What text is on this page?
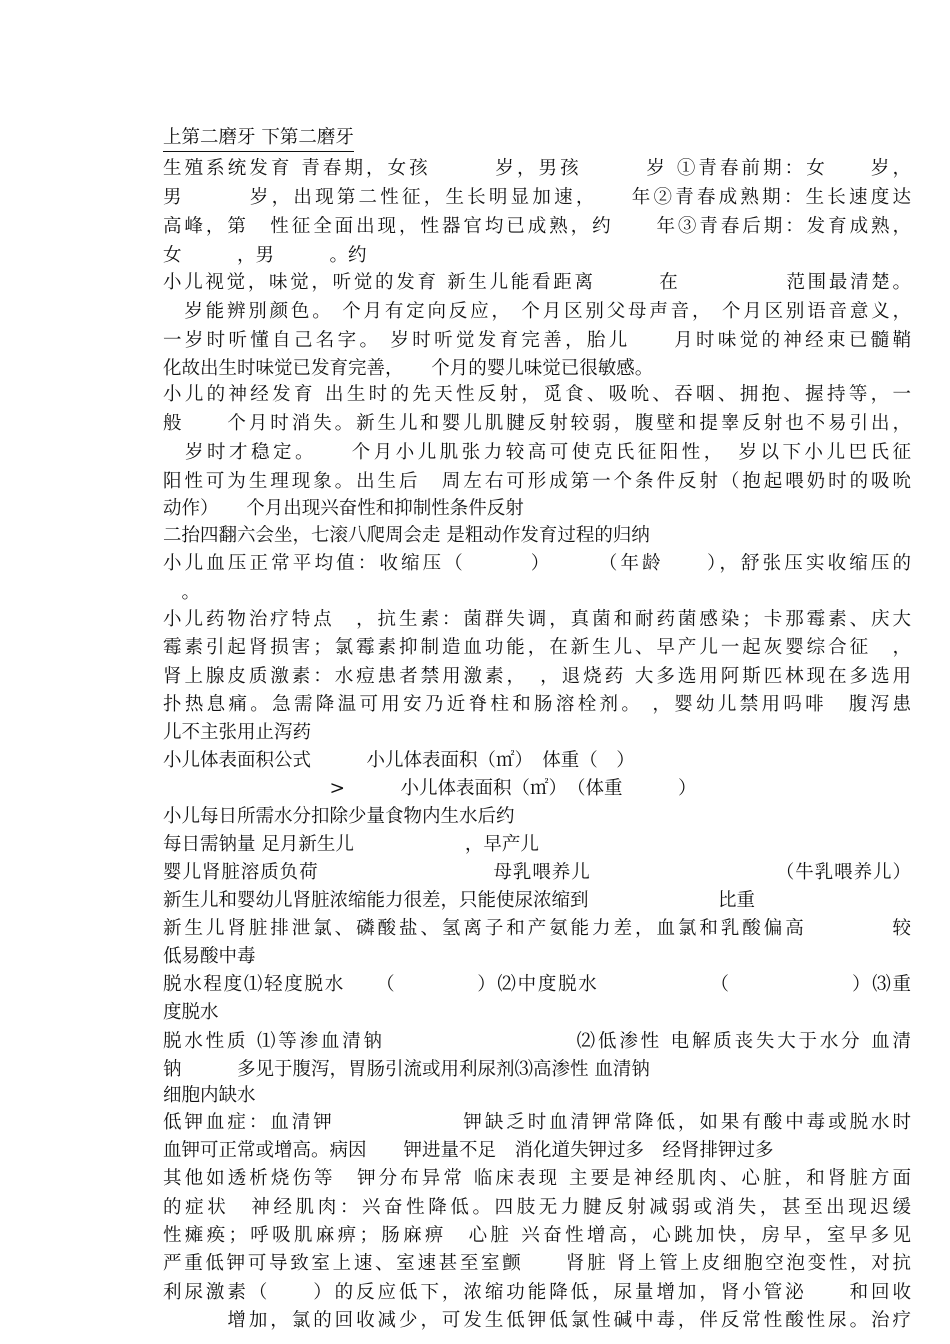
上第二磨牙 下第二磨牙
生殖系统发育 青春期，女孩　　　岁，男孩　　　岁 ①青春前期：女　　岁，
男　　　岁，出现第二性征，生长明显加速，　　年②青春成熟期：生长速度达
高峰，第　性征全面出现，性器官均已成熟，约　　年③青春后期：发育成熟，
女　　　，男　　　。约
小儿视觉，味觉，听觉的发育 新生儿能看距离　　　在　　　　　范围最清楚。
　岁能辨別颜色。 个月有定向反应， 个月区别父母声音， 个月区别语音意义，
一岁时听懂自己名字。 岁时听觉发育完善，胎儿　　月时味觉的神经束已髓鞘
化故出生时味觉已发育完善，　　个月的婴儿味觉已很敏感。
小儿的神经发育 出生时的先天性反射，觅食、吸吮、吞咽、拥抱、握持等，一
般　　个月时消失。新生儿和婴儿肌腱反射较弱，腹壁和提睾反射也不易引出，
　岁时才稳定。　　个月小儿肌张力较高可使克氏征阳性，　岁以下小儿巴氏征
阳性可为生理现象。出生后　周左右可形成第一个条件反射（抱起喂奶时的吸吮
动作）　　个月出现兴奋性和抑制性条件反射
二抬四翻六会坐，七滚八爬周会走 是粗动作发育过程的归纳
小儿血压正常平均值：收缩压（　　　）　　　（年龄　　），舒张压实收缩压的
　。
小儿药物治疗特点　，抗生素：菌群失调，真菌和耐药菌感染；卡那霉素、庆大
霉素引起肾损害；氯霉素抑制造血功能，在新生儿、早产儿一起灰婴综合征　，
肾上腺皮质激素：水痘患者禁用激素，　，退烧药 大多选用阿斯匹林现在多选用
扑热息痛。急需降温可用安乃近脊柱和肠溶栓剂。 ，婴幼儿禁用吗啡　腹泻患
儿不主张用止泻药
小儿体表面积公式　　　小儿体表面积（㎡）　体重（　）
　　　　　　　　　>　　　小儿体表面积（㎡）　（体重　　　）
小儿每日所需水分扣除少量食物内生水后约
每日需钠量 足月新生儿　　　　　　，早产儿
婴儿肾脏溶质负荷　　　　　　　　　母乳喂养儿　　　　　　　　　　（牛乳喂养儿）
新生儿和婴幼儿肾脏浓缩能力很差，只能使尿浓缩到　　　　　　　比重
新生儿肾脏排泄氯、磷酸盐、氢离子和产氨能力差，血氯和乳酸偏高　　　　较
低易酸中毒
脱水程度⑴轻度脱水　　（　　　　）⑵中度脱水　　　　　　（　　　　　　）⑶重
度脱水
脱水性质 ⑴等渗血清钠　　　　　　　　　⑵低渗性 电解质丧失大于水分 血清
钠　　　多见于腹泻，胃肠引流或用利尿剂⑶高渗性 血清钠
细胞内缺水
低钾血症：血清钾　　　　　　钾缺乏时血清钾常降低，如果有酸中毒或脱水时
血钾可正常或增高。病因　　钾进量不足　消化道失钾过多　经肾排钾过多
其他如透析烧伤等　钾分布异常 临床表现 主要是神经肌肉、心脏，和肾脏方面
的症状　神经肌肉：兴奋性降低。四肢无力腱反射减弱或消失，甚至出现迟缓
性瘫痪；呼吸肌麻痹；肠麻痹　心脏 兴奋性增高，心跳加快，房早，室早多见
严重低钾可导致室上速、室速甚至室颤　　肾脏 肾上管上皮细胞空泡变性，对抗
利尿激素（　　）的反应低下，浓缩功能降低，尿量增加，肾小管泌　　和回收
　　　增加，氯的回收减少，可发生低钾低氯性碱中毒，伴反常性酸性尿。治疗
